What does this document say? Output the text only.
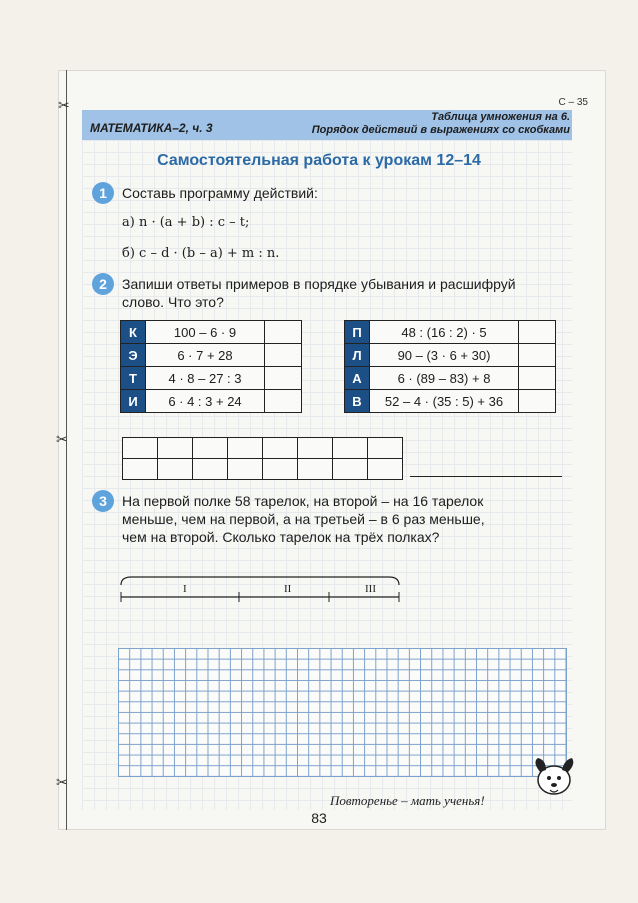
✂
✂
✂
С – 35
МАТЕМАТИКА–2, ч. 3
Таблица умножения на 6.
Порядок действий в выражениях со скобками
Самостоятельная работа к урокам 12–14
1	Составь программу действий:
а) n · (a + b) : c – t;
б) c – d · (b – a) + m : n.
2	Запиши ответы примеров в порядке убывания и расшифруй
слово. Что это?
К	100 – 6 · 9	
Э	6 · 7 + 28	
Т	4 · 8 – 27 : 3	
И	6 · 4 : 3 + 24	
П	48 : (16 : 2) · 5	
Л	90 – (3 · 6 + 30)	
А	6 · (89 – 83) + 8	
В	52 – 4 · (35 : 5) + 36	

3	На первой полке 58 тарелок, на второй – на 16 тарелок
меньше, чем на первой, а на третьей – в 6 раз меньше,
чем на второй. Сколько тарелок на трёх полках?
I	II	III
Повторенье – мать ученья!
83
